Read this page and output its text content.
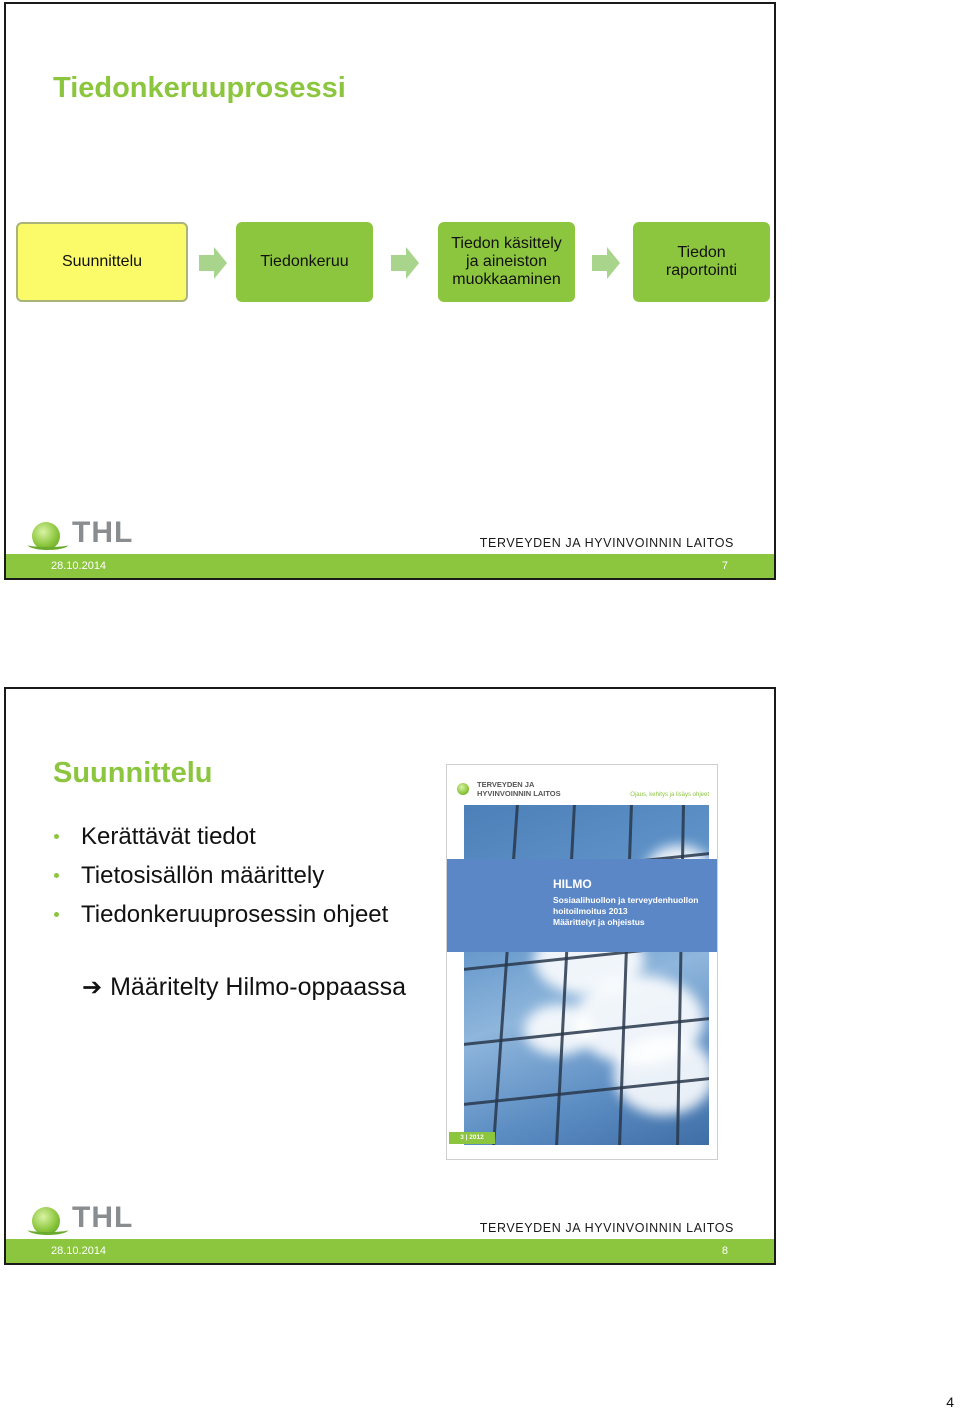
Tiedonkeruuprosessi
Suunnittelu	Tiedonkeruu
Tiedon käsittely
ja aineiston
muokkaaminen
Tiedon
raportointi
THL	TERVEYDEN JA HYVINVOINNIN LAITOS
28.10.2014	7
Suunnittelu
Kerättävät tiedot
Tietosisällön määrittely
Tiedonkeruuprosessin ohjeet
➔ Määritelty Hilmo-oppaassa
TERVEYDEN JA
HYVINVOINNIN LAITOS	Ojaus, kehitys ja lisäys ohjeet
HILMO
Sosiaalihuollon ja terveydenhuollon
hoitoilmoitus 2013
Määrittelyt ja ohjeistus
3 | 2012
THL	TERVEYDEN JA HYVINVOINNIN LAITOS
28.10.2014	8
4
